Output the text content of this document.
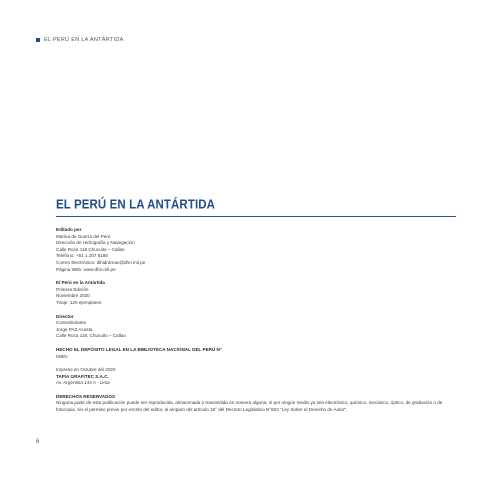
EL PERÚ EN LA ANTÁRTIDA
EL PERÚ EN LA ANTÁRTIDA
Editado por
Marina de Guerra del Perú
Dirección de Hidrografía y Navegación
Calle Roca 118 Chucuito – Callao
Teléfono: +51 1 207 8160
Correo Electrónico: dihidrarnav@dhn.mil.pe
Página Web: www.dhn.mil.pe
El Perú en la Antártida
Primera Edición
Noviembre 2020
Tiraje: 120 ejemplares
Director
Contralmirante
Jorge PAZ Acosta
Calle Roca 118, Chucuito – Callao
HECHO EL DEPÓSITO LEGAL EN LA BIBLIOTECA NACIONAL DEL PERÚ N°
ISBN:
Impreso en Octubre del 2020
TAPIA GRAFITEC S.A.C.
Av. Argentina 144 A - Lima
DERECHOS RESERVADOS
Ninguna parte de esta publicación puede ser reproducida, almacenada o transmitida en manera alguna, ni por ningún medio ya sea electrónico, químico, mecánico, óptico, de grabación o de fotocopia, sin el permiso previo por escrito del editor, al amparo del artículo 18° del Decreto Legislativo N°822 "Ley Sobre el Derecho de Autor".
6
